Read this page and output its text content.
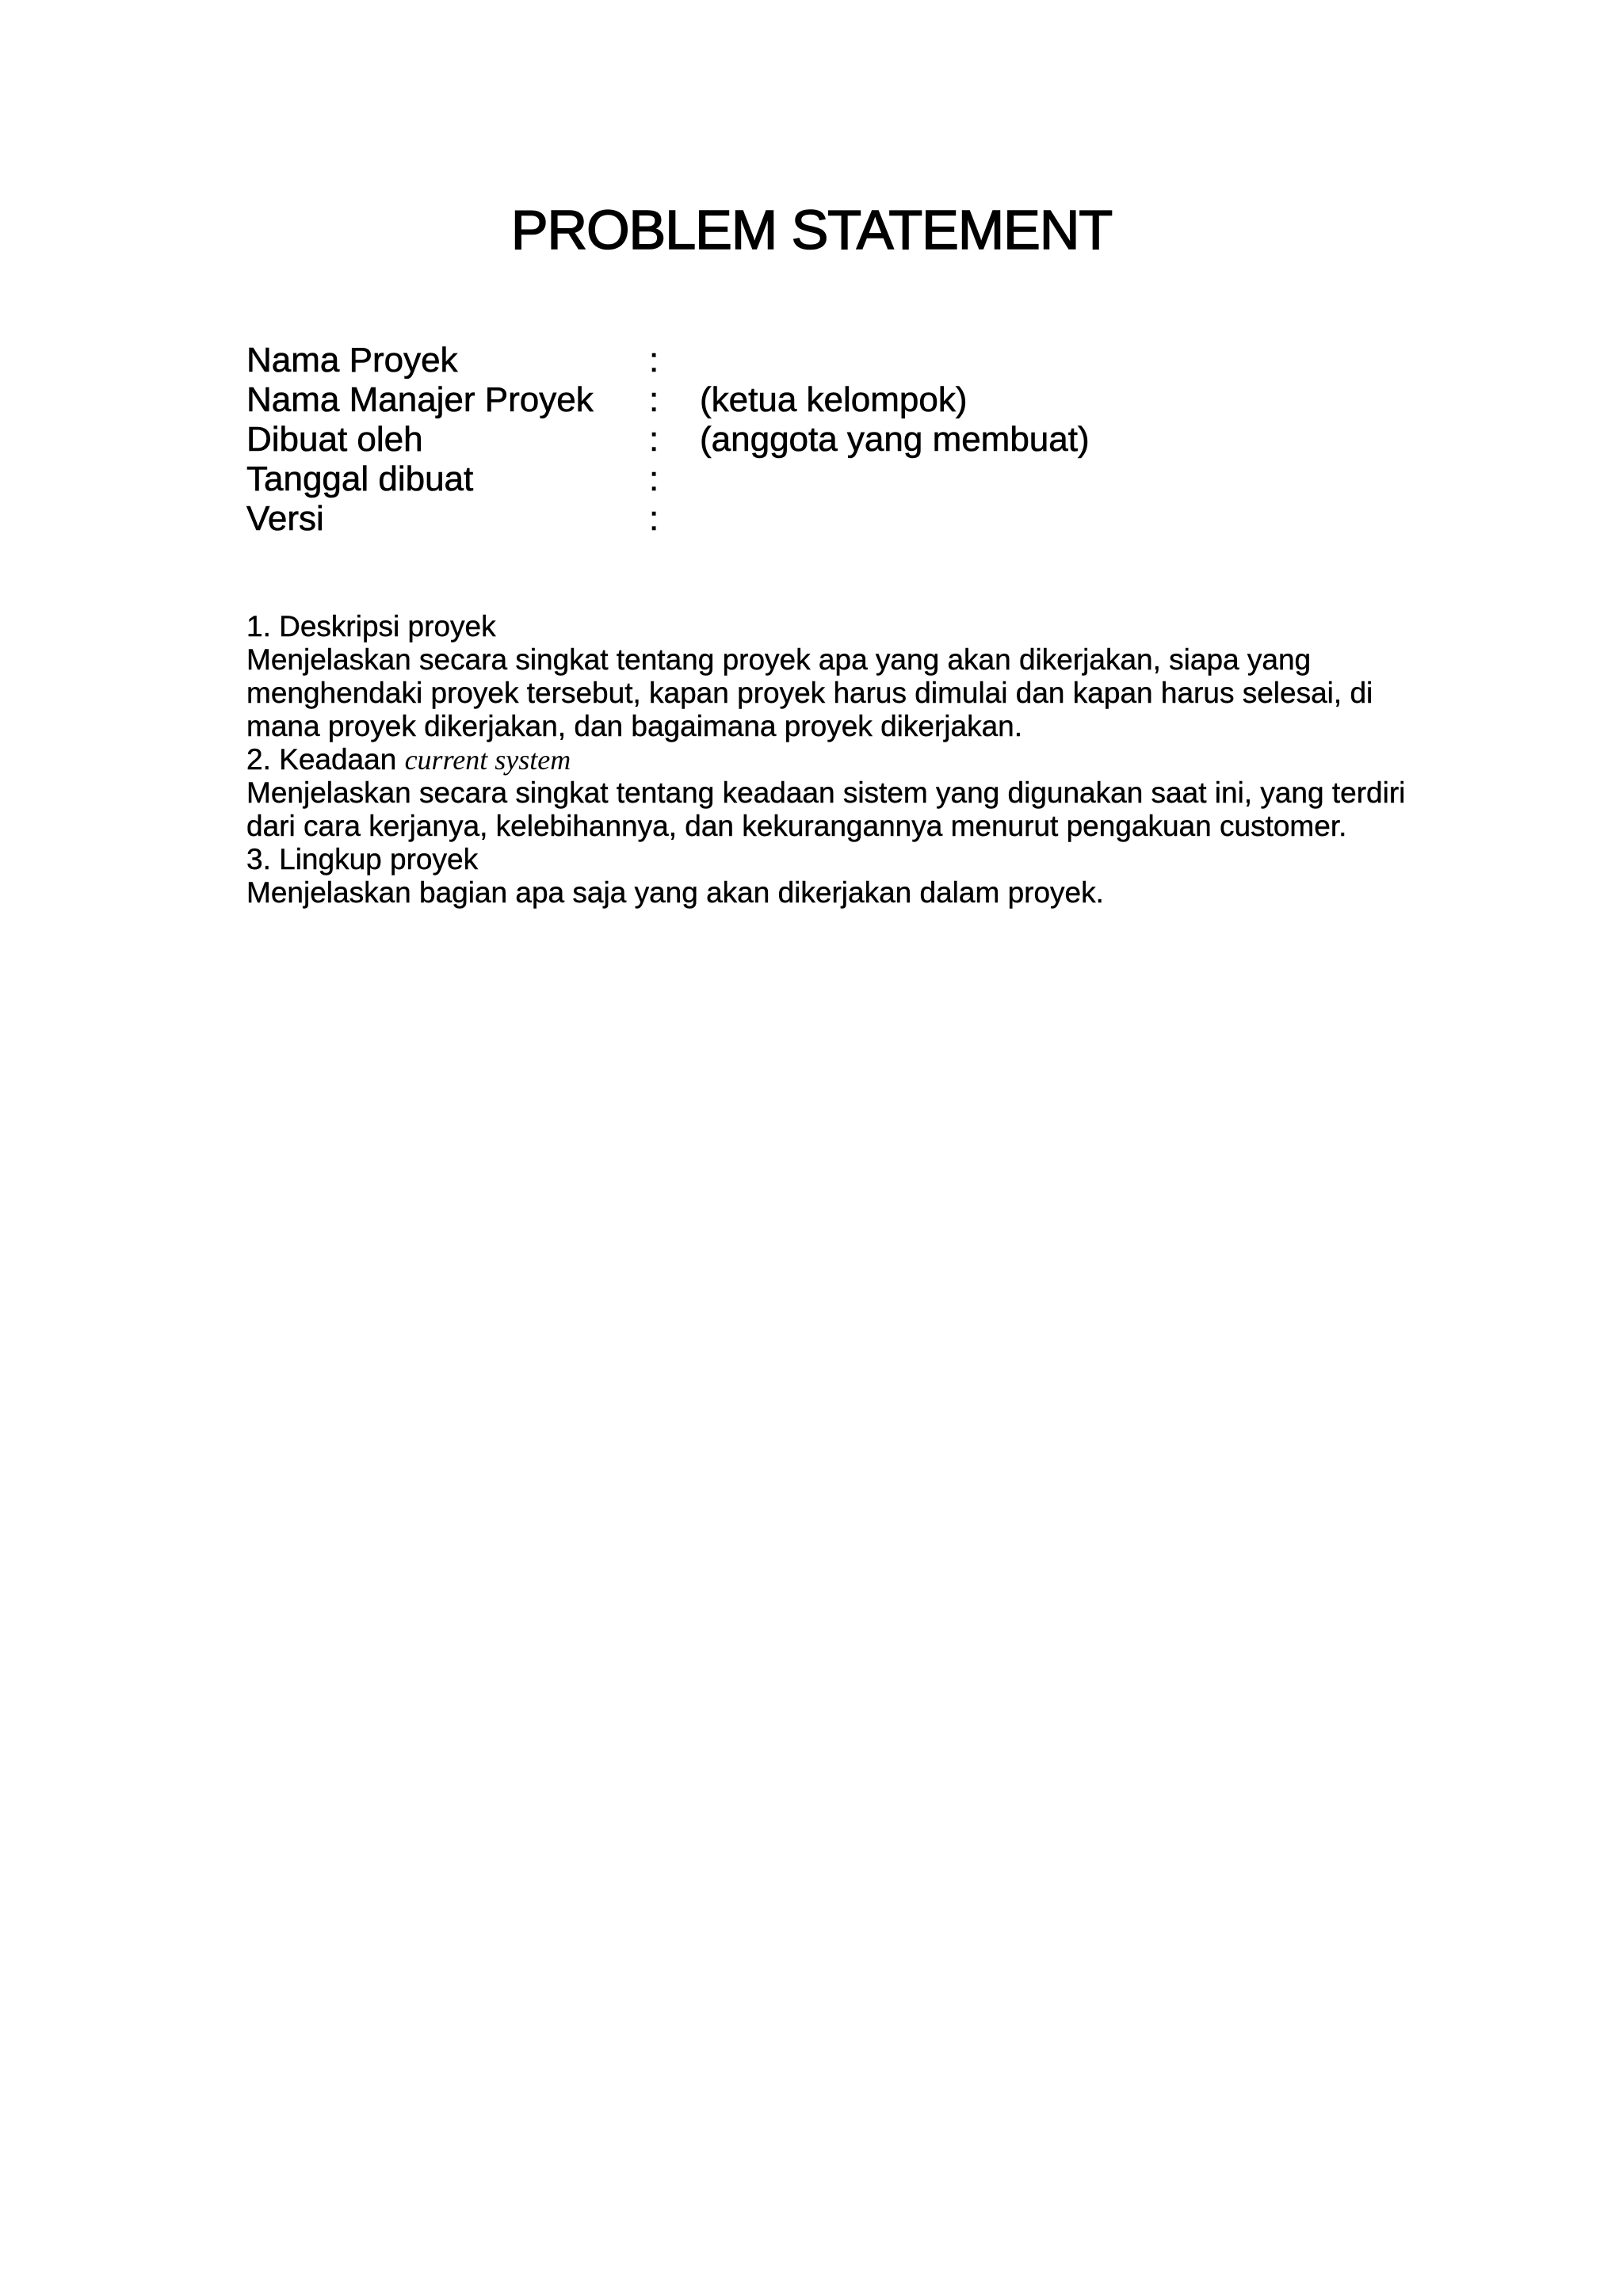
PROBLEM STATEMENT
Nama Proyek	:	
Nama Manajer Proyek	:	(ketua kelompok)
Dibuat oleh	:	(anggota yang membuat)
Tanggal dibuat	:	
Versi	:	

1. Deskripsi proyek

Menjelaskan secara singkat tentang proyek apa yang akan dikerjakan, siapa yang menghendaki proyek tersebut, kapan proyek harus dimulai dan kapan harus selesai, di mana proyek dikerjakan, dan bagaimana proyek dikerjakan.

2. Keadaan current system

Menjelaskan secara singkat tentang keadaan sistem yang digunakan saat ini, yang terdiri dari cara kerjanya, kelebihannya, dan kekurangannya menurut pengakuan customer.

3. Lingkup proyek

Menjelaskan bagian apa saja yang akan dikerjakan dalam proyek.
